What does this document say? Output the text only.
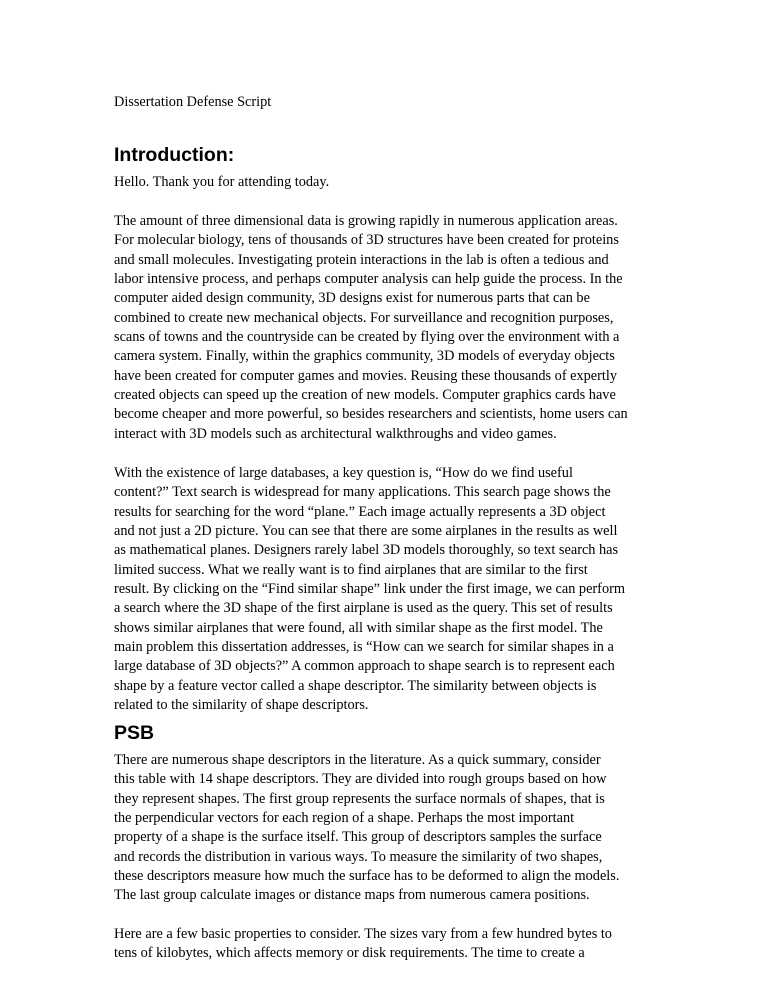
Dissertation Defense Script
Introduction:

Hello. Thank you for attending today.

The amount of three dimensional data is growing rapidly in numerous application areas.
For molecular biology, tens of thousands of 3D structures have been created for proteins
and small molecules. Investigating protein interactions in the lab is often a tedious and
labor intensive process, and perhaps computer analysis can help guide the process. In the
computer aided design community, 3D designs exist for numerous parts that can be
combined to create new mechanical objects. For surveillance and recognition purposes,
scans of towns and the countryside can be created by flying over the environment with a
camera system. Finally, within the graphics community, 3D models of everyday objects
have been created for computer games and movies. Reusing these thousands of expertly
created objects can speed up the creation of new models. Computer graphics cards have
become cheaper and more powerful, so besides researchers and scientists, home users can
interact with 3D models such as architectural walkthroughs and video games.

With the existence of large databases, a key question is, “How do we find useful
content?” Text search is widespread for many applications. This search page shows the
results for searching for the word “plane.” Each image actually represents a 3D object
and not just a 2D picture. You can see that there are some airplanes in the results as well
as mathematical planes. Designers rarely label 3D models thoroughly, so text search has
limited success. What we really want is to find airplanes that are similar to the first
result. By clicking on the “Find similar shape” link under the first image, we can perform
a search where the 3D shape of the first airplane is used as the query. This set of results
shows similar airplanes that were found, all with similar shape as the first model. The
main problem this dissertation addresses, is “How can we search for similar shapes in a
large database of 3D objects?” A common approach to shape search is to represent each
shape by a feature vector called a shape descriptor. The similarity between objects is
related to the similarity of shape descriptors.

PSB

There are numerous shape descriptors in the literature. As a quick summary, consider
this table with 14 shape descriptors. They are divided into rough groups based on how
they represent shapes. The first group represents the surface normals of shapes, that is
the perpendicular vectors for each region of a shape. Perhaps the most important
property of a shape is the surface itself. This group of descriptors samples the surface
and records the distribution in various ways. To measure the similarity of two shapes,
these descriptors measure how much the surface has to be deformed to align the models.
The last group calculate images or distance maps from numerous camera positions.

Here are a few basic properties to consider. The sizes vary from a few hundred bytes to
tens of kilobytes, which affects memory or disk requirements. The time to create a
